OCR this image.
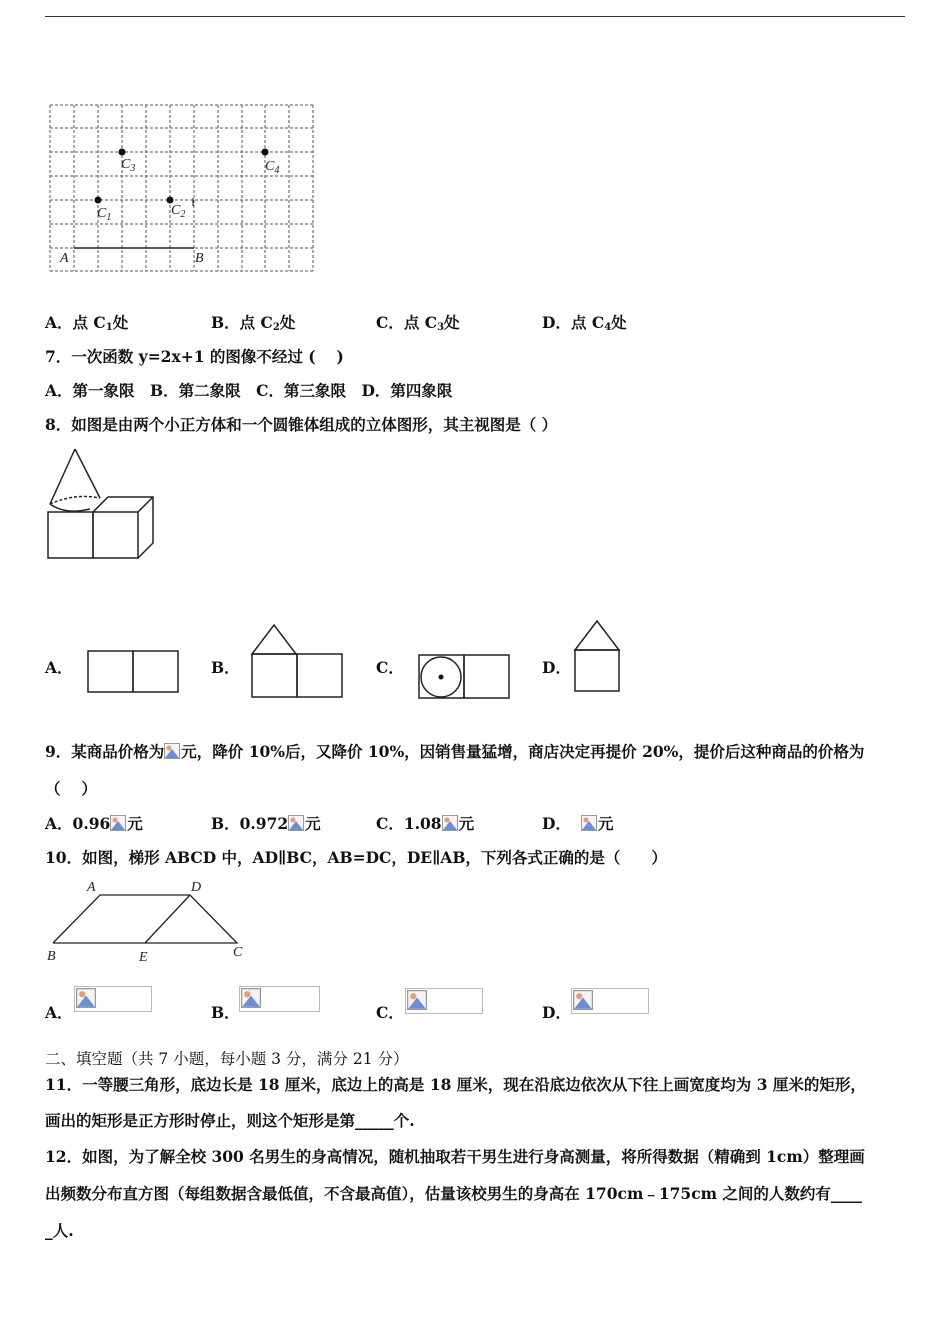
A	B
$C_1$	$C_2$
$C_3$	$C_4$
A．点 $C_1$处	B．点 $C_2$处	C．点 $C_3$处	D．点 $C_4$处
7．一次函数 y=2x+1 的图像不经过 (　 )
A．第一象限　B．第二象限　C．第三象限　D．第四象限
8．如图是由两个小正方体和一个圆锥体组成的立体图形，其主视图是（ ）
A．	B．	C．	D．
9．某商品价格为 元，降价 10%后，又降价 10%，因销售量猛增，商店决定再提价 20%，提价后这种商品的价格为
（　 ）
A．0.96 元	B．0.972 元	C．1.08 元	D． 元
10．如图，梯形 ABCD 中，AD∥BC，AB=DC，DE∥AB，下列各式正确的是（　　）
A	D
B	E	C
A．	B．	C．	D．
二、填空题（共 7 小题，每小题 3 分，满分 21 分）
11．一等腰三角形，底边长是 18 厘米，底边上的高是 18 厘米，现在沿底边依次从下往上画宽度均为 3 厘米的矩形，
画出的矩形是正方形时停止，则这个矩形是第_____个.
12．如图，为了解全校 300 名男生的身高情况，随机抽取若干男生进行身高测量，将所得数据（精确到 1cm）整理画
出频数分布直方图（每组数据含最低值，不含最高值），估量该校男生的身高在 170cm﹣175cm 之间的人数约有____
_人.
